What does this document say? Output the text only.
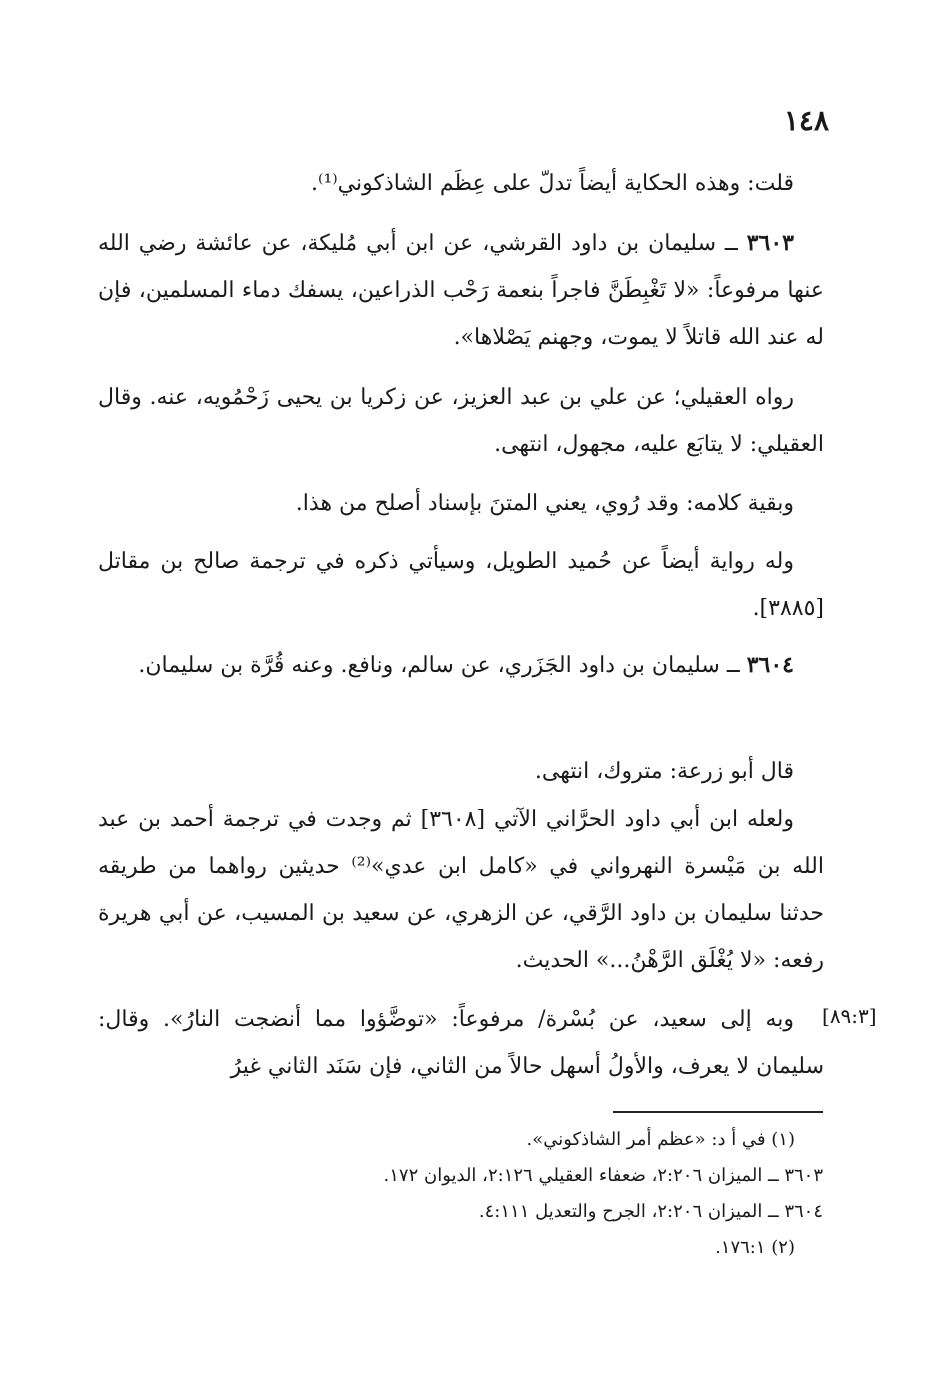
١٤٨

قلت: وهذه الحكاية أيضاً تدلّ على عِظَم الشاذكوني⁽¹⁾.

٣٦٠٣ ــ سليمان بن داود القرشي، عن ابن أبي مُليكة، عن عائشة رضي الله عنها مرفوعاً: «لا تَغْبِطَنَّ فاجراً بنعمة رَحْب الذراعين، يسفك دماء المسلمين، فإن له عند الله قاتلاً لا يموت، وجهنم يَصْلاها».

رواه العقيلي؛ عن علي بن عبد العزيز، عن زكريا بن يحيى زَحْمُويه، عنه. وقال العقيلي: لا يتابَع عليه، مجهول، انتهى.

وبقية كلامه: وقد رُوي، يعني المتنَ بإسناد أصلح من هذا.

وله رواية أيضاً عن حُميد الطويل، وسيأتي ذكره في ترجمة صالح بن مقاتل [٣٨٨٥].

٣٦٠٤ ــ سليمان بن داود الجَزَري، عن سالم، ونافع. وعنه قُرَّة بن سليمان.

قال أبو زرعة: متروك، انتهى.

ولعله ابن أبي داود الحرَّاني الآتي [٣٦٠٨] ثم وجدت في ترجمة أحمد بن عبد الله بن مَيْسرة النهرواني في «كامل ابن عدي»⁽²⁾ حديثين رواهما من طريقه حدثنا سليمان بن داود الرَّقي، عن الزهري، عن سعيد بن المسيب، عن أبي هريرة رفعه: «لا يُغْلَق الرَّهْنُ...» الحديث.

وبه إلى سعيد، عن بُسْرة/ مرفوعاً: «توضَّؤوا مما أنضجت النارُ». وقال: سليمان لا يعرف، والأولُ أسهل حالاً من الثاني، فإن سَنَد الثاني غيرُ

[٨٩:٣]

(١) في أ د: «عظم أمر الشاذكوني».

٣٦٠٣ ــ الميزان ٢:٢٠٦، ضعفاء العقيلي ٢:١٢٦، الديوان ١٧٢.

٣٦٠٤ ــ الميزان ٢:٢٠٦، الجرح والتعديل ٤:١١١.

(٢) ١٧٦:١.
